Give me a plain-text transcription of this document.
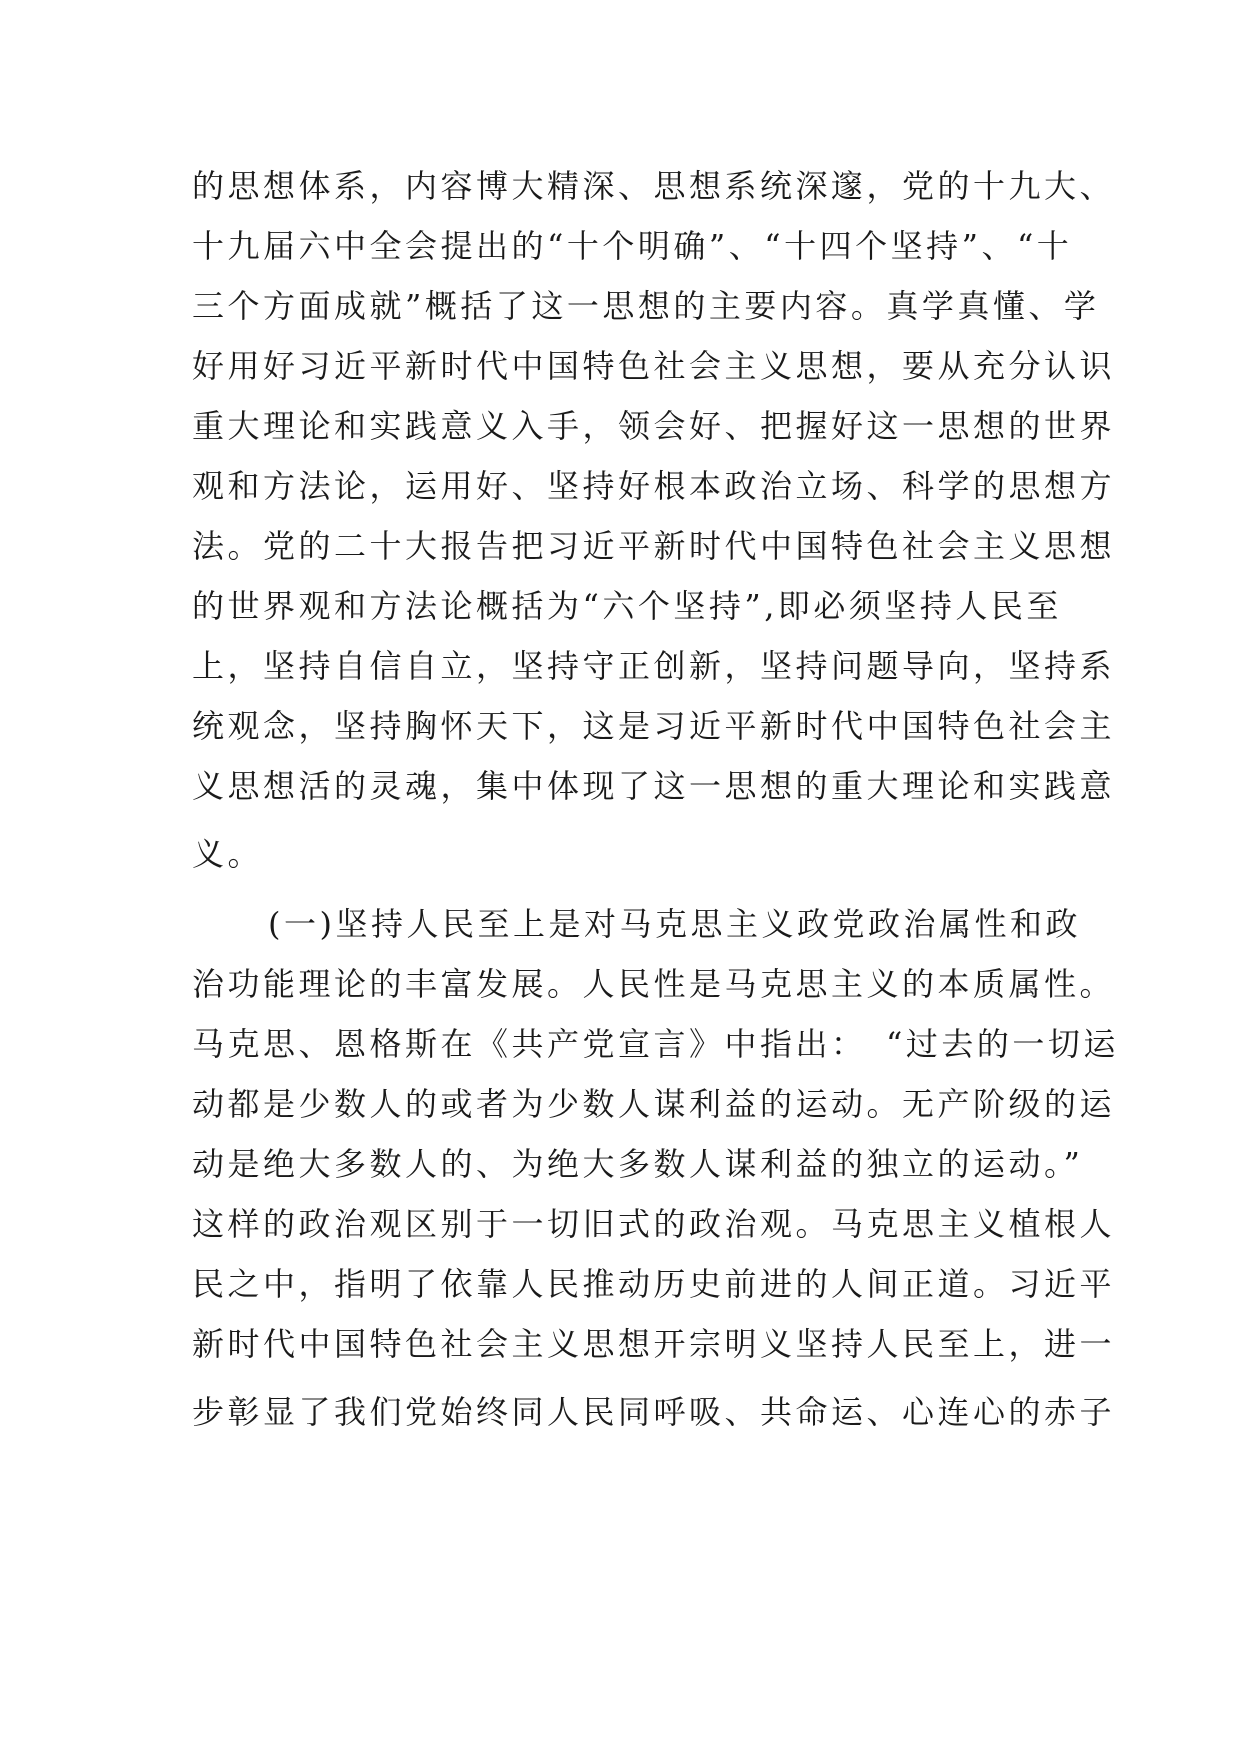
的思想体系，内容博大精深、思想系统深邃，党的十九大、
十九届六中全会提出的“十个明确”、“十四个坚持”、“十
三个方面成就”概括了这一思想的主要内容。真学真懂、学
好用好习近平新时代中国特色社会主义思想，要从充分认识
重大理论和实践意义入手，领会好、把握好这一思想的世界
观和方法论，运用好、坚持好根本政治立场、科学的思想方
法。党的二十大报告把习近平新时代中国特色社会主义思想
的世界观和方法论概括为“六个坚持”,即必须坚持人民至
上，坚持自信自立，坚持守正创新，坚持问题导向，坚持系
统观念，坚持胸怀天下，这是习近平新时代中国特色社会主
义思想活的灵魂，集中体现了这一思想的重大理论和实践意
义。
(一)坚持人民至上是对马克思主义政党政治属性和政
治功能理论的丰富发展。人民性是马克思主义的本质属性。
马克思、恩格斯在《共产党宣言》中指出：　“过去的一切运
动都是少数人的或者为少数人谋利益的运动。无产阶级的运
动是绝大多数人的、为绝大多数人谋利益的独立的运动。”
这样的政治观区别于一切旧式的政治观。马克思主义植根人
民之中，指明了依靠人民推动历史前进的人间正道。习近平
新时代中国特色社会主义思想开宗明义坚持人民至上，进一
步彰显了我们党始终同人民同呼吸、共命运、心连心的赤子
